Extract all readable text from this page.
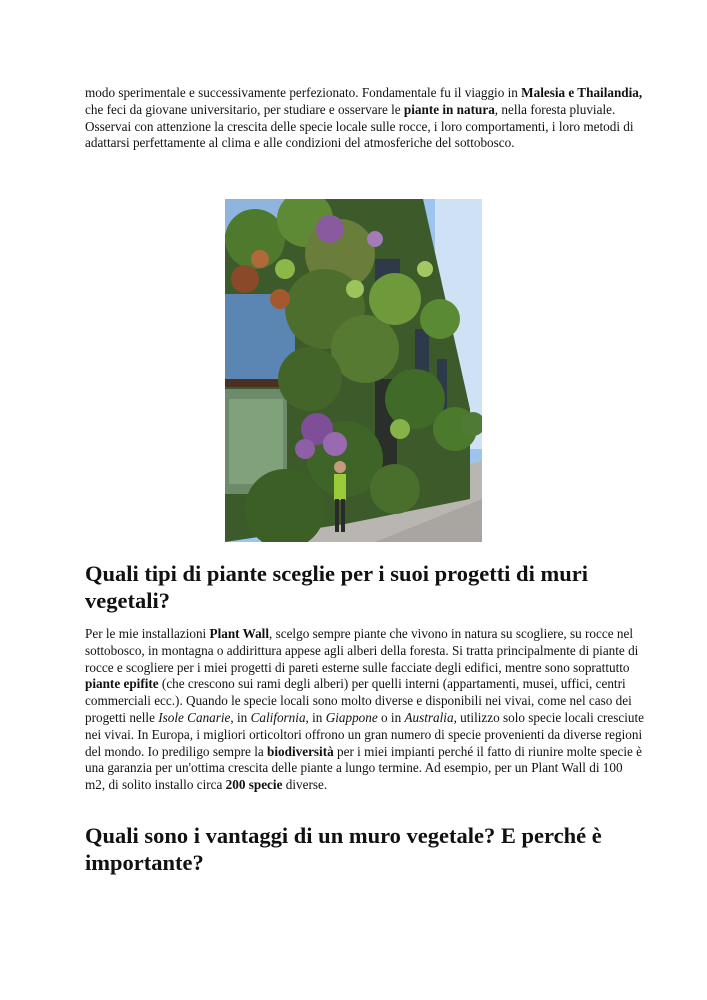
modo sperimentale e successivamente perfezionato. Fondamentale fu il viaggio in Malesia e Thailandia, che feci da giovane universitario, per studiare e osservare le piante in natura, nella foresta pluviale. Osservai con attenzione la crescita delle specie locale sulle rocce, i loro comportamenti, i loro metodi di adattarsi perfettamente al clima e alle condizioni del atmosferiche del sottobosco.

Quali tipi di piante sceglie per i suoi progetti di muri vegetali?

Per le mie installazioni Plant Wall, scelgo sempre piante che vivono in natura su scogliere, su rocce nel sottobosco, in montagna o addirittura appese agli alberi della foresta. Si tratta principalmente di piante di rocce e scogliere per i miei progetti di pareti esterne sulle facciate degli edifici, mentre sono soprattutto piante epifite (che crescono sui rami degli alberi) per quelli interni (appartamenti, musei, uffici, centri commerciali ecc.). Quando le specie locali sono molto diverse e disponibili nei vivai, come nel caso dei progetti nelle Isole Canarie, in California, in Giappone o in Australia, utilizzo solo specie locali cresciute nei vivai. In Europa, i migliori orticoltori offrono un gran numero di specie provenienti da diverse regioni del mondo. Io prediligo sempre la biodiversità per i miei impianti perché il fatto di riunire molte specie è una garanzia per un'ottima crescita delle piante a lungo termine. Ad esempio, per un Plant Wall di 100 m2, di solito installo circa 200 specie diverse.

Quali sono i vantaggi di un muro vegetale? E perché è importante?
